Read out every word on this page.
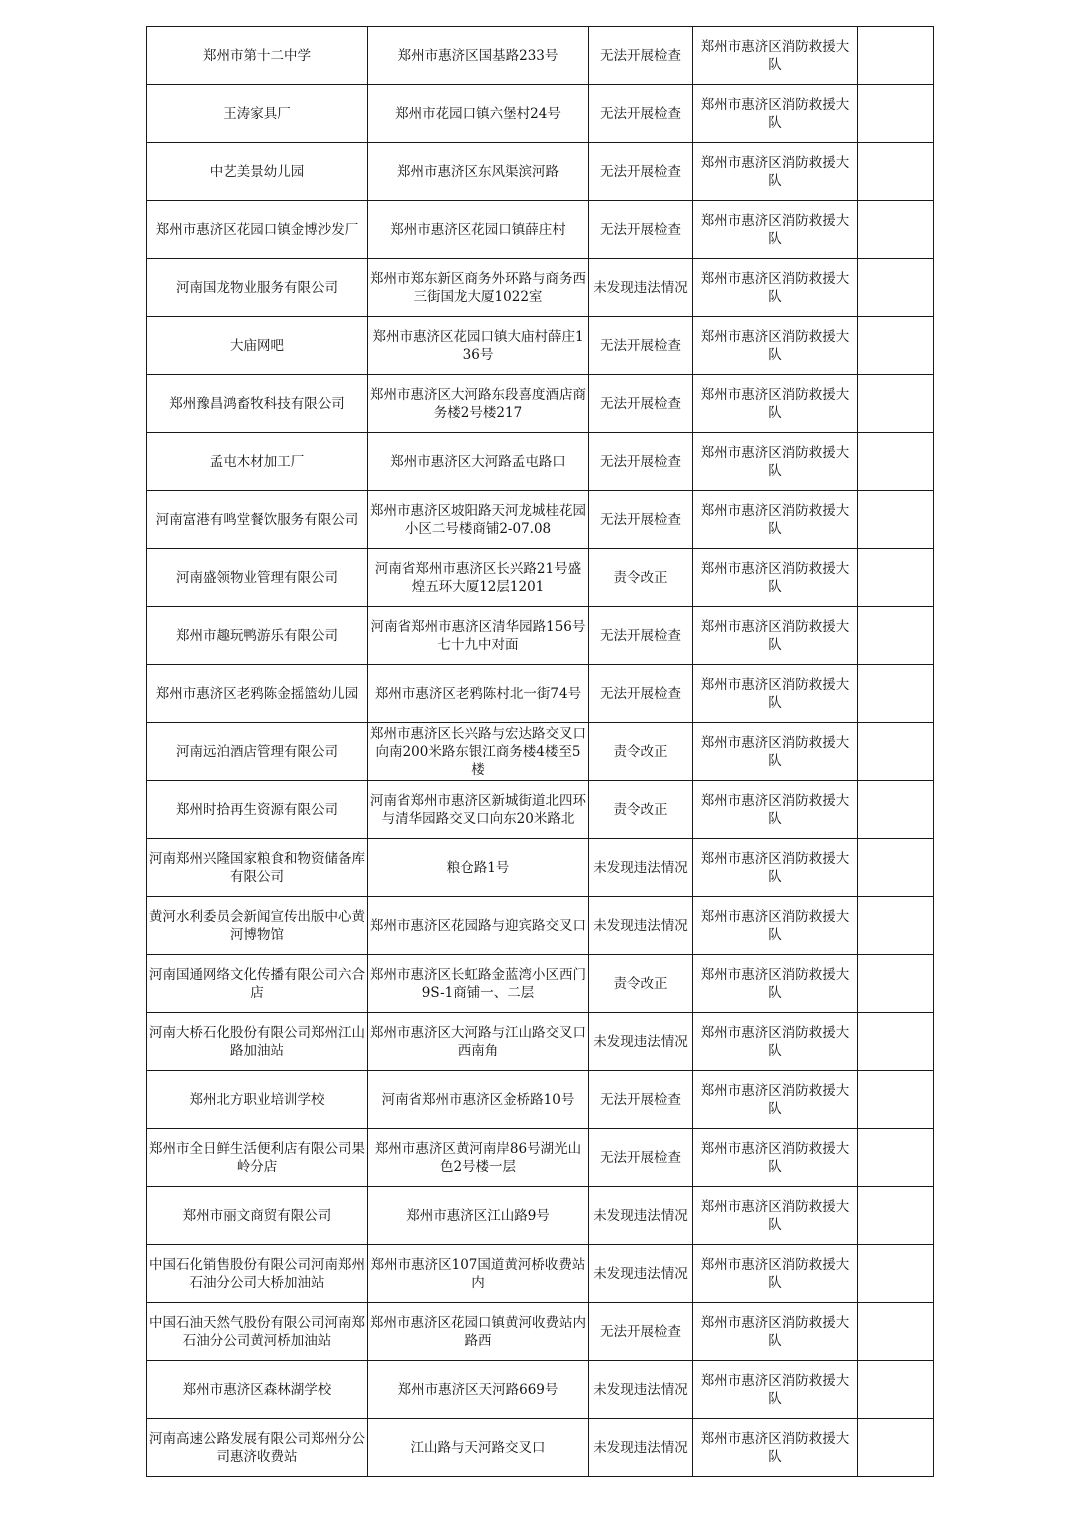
郑州市第十二中学	郑州市惠济区国基路233号	无法开展检查	郑州市惠济区消防救援大队	
王涛家具厂	郑州市花园口镇六堡村24号	无法开展检查	郑州市惠济区消防救援大队	
中艺美景幼儿园	郑州市惠济区东风渠滨河路	无法开展检查	郑州市惠济区消防救援大队	
郑州市惠济区花园口镇金博沙发厂	郑州市惠济区花园口镇薛庄村	无法开展检查	郑州市惠济区消防救援大队	
河南国龙物业服务有限公司	郑州市郑东新区商务外环路与商务西三街国龙大厦1022室	未发现违法情况	郑州市惠济区消防救援大队	
大庙网吧	郑州市惠济区花园口镇大庙村薛庄136号	无法开展检查	郑州市惠济区消防救援大队	
郑州豫昌鸿畜牧科技有限公司	郑州市惠济区大河路东段喜度酒店商务楼2号楼217	无法开展检查	郑州市惠济区消防救援大队	
孟屯木材加工厂	郑州市惠济区大河路孟屯路口	无法开展检查	郑州市惠济区消防救援大队	
河南富港有鸣堂餐饮服务有限公司	郑州市惠济区坡阳路天河龙城桂花园小区二号楼商铺2-07.08	无法开展检查	郑州市惠济区消防救援大队	
河南盛领物业管理有限公司	河南省郑州市惠济区长兴路21号盛煌五环大厦12层1201	责令改正	郑州市惠济区消防救援大队	
郑州市趣玩鸭游乐有限公司	河南省郑州市惠济区清华园路156号七十九中对面	无法开展检查	郑州市惠济区消防救援大队	
郑州市惠济区老鸦陈金摇篮幼儿园	郑州市惠济区老鸦陈村北一街74号	无法开展检查	郑州市惠济区消防救援大队	
河南远泊酒店管理有限公司	郑州市惠济区长兴路与宏达路交叉口向南200米路东银江商务楼4楼至5楼	责令改正	郑州市惠济区消防救援大队	
郑州时拾再生资源有限公司	河南省郑州市惠济区新城街道北四环与清华园路交叉口向东20米路北	责令改正	郑州市惠济区消防救援大队	
河南郑州兴隆国家粮食和物资储备库有限公司	粮仓路1号	未发现违法情况	郑州市惠济区消防救援大队	
黄河水利委员会新闻宣传出版中心黄河博物馆	郑州市惠济区花园路与迎宾路交叉口	未发现违法情况	郑州市惠济区消防救援大队	
河南国通网络文化传播有限公司六合店	郑州市惠济区长虹路金蓝湾小区西门9S-1商铺一、二层	责令改正	郑州市惠济区消防救援大队	
河南大桥石化股份有限公司郑州江山路加油站	郑州市惠济区大河路与江山路交叉口西南角	未发现违法情况	郑州市惠济区消防救援大队	
郑州北方职业培训学校	河南省郑州市惠济区金桥路10号	无法开展检查	郑州市惠济区消防救援大队	
郑州市全日鲜生活便利店有限公司果岭分店	郑州市惠济区黄河南岸86号湖光山色2号楼一层	无法开展检查	郑州市惠济区消防救援大队	
郑州市丽文商贸有限公司	郑州市惠济区江山路9号	未发现违法情况	郑州市惠济区消防救援大队	
中国石化销售股份有限公司河南郑州石油分公司大桥加油站	郑州市惠济区107国道黄河桥收费站内	未发现违法情况	郑州市惠济区消防救援大队	
中国石油天然气股份有限公司河南郑石油分公司黄河桥加油站	郑州市惠济区花园口镇黄河收费站内路西	无法开展检查	郑州市惠济区消防救援大队	
郑州市惠济区森林湖学校	郑州市惠济区天河路669号	未发现违法情况	郑州市惠济区消防救援大队	
河南高速公路发展有限公司郑州分公司惠济收费站	江山路与天河路交叉口	未发现违法情况	郑州市惠济区消防救援大队	
